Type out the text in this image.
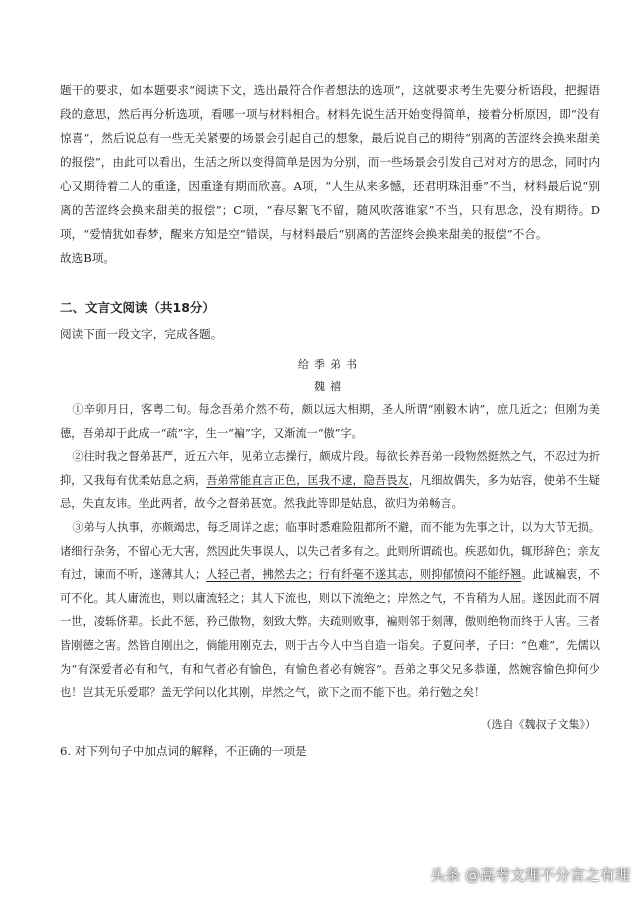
题干的要求，如本题要求“阅读下文，选出最符合作者想法的选项”，这就要求考生先要分析语段，把握语段的意思，然后再分析选项，看哪一项与材料相合。材料先说生活开始变得简单，接着分析原因，即“没有惊喜”，然后说总有一些无关紧要的场景会引起自己的想象，最后说自己的期待“别离的苦涩终会换来甜美的报偿”，由此可以看出，生活之所以变得简单是因为分别，而一些场景会引发自己对对方的思念，同时内心又期待着二人的重逢，因重逢有期而欣喜。A项，“人生从来多憾，还君明珠泪垂”不当，材料最后说“别离的苦涩终会换来甜美的报偿”；C项，“春尽絮飞不留，随风吹落谁家”不当，只有思念，没有期待。D项，“爱情犹如春梦，醒来方知是空”错误，与材料最后“别离的苦涩终会换来甜美的报偿”不合。

故选B项。

二、文言文阅读（共18分）

阅读下面一段文字，完成各题。

给季弟书
魏禧

①辛卯月日，客粤二旬。每念吾弟介然不苟，颇以远大相期，圣人所谓“刚毅木讷”，庶几近之；但刚为美德，吾弟却于此成一“疏”字，生一“褊”字，又渐流一“傲”字。

②往时我之督弟甚严，近五六年，见弟立志操行，颇成片段。每欲长养吾弟一段物然挺然之气，不忍过为折抑，又我每有优柔姑息之病，吾弟常能直言正色，匡我不逮，隐吾畏友，凡细故偶失，多为姑容，使弟不生疑忌，失直友讳。坐此两者，故今之督弟甚宽。然我此等即是姑息，欲归为弟畅言。

③弟与人执事，亦颇竭忠，每乏周详之虑；临事时悉难险阻都所不避，而不能为先事之计，以为大节无损。诸细行杂务，不留心无大害，然因此失事误人，以失己者多有之。此则所谓疏也。疾恶如仇，辄形辞色；亲友有过，谏而不听，遂薄其人；人轻己者，拂然去之；行有纤毫不遂其志，则抑郁愤闷不能纾翘。此诚褊衷，不可不化。其人庸流也，则以庸流轻之；其人下流也，则以下流绝之；岸然之气，不肯稍为人屈。遂因此而不屑一世，凌轹侪辈。长此不惩，矜己傲物，刻致大弊。夫疏则败事，褊则邻于刻薄，傲则绝物而终于人害。三者皆刚德之害。然皆自刚出之，倘能用刚克去，则于古今人中当自造一诣矣。子夏问孝，子曰：“色难”，先儒以为“有深爱者必有和气，有和气者必有愉色，有愉色者必有婉容”。吾弟之事父兄多恭谨，然婉容愉色抑何少也！岂其无乐爱耶？盖无学问以化其刚，岸然之气，欲下之而不能下也。弟行勉之矣！

（选自《魏叔子文集》）
6. 对下列句子中加点词的解释，不正确的一项是
头条 @高考文理不分言之有理
